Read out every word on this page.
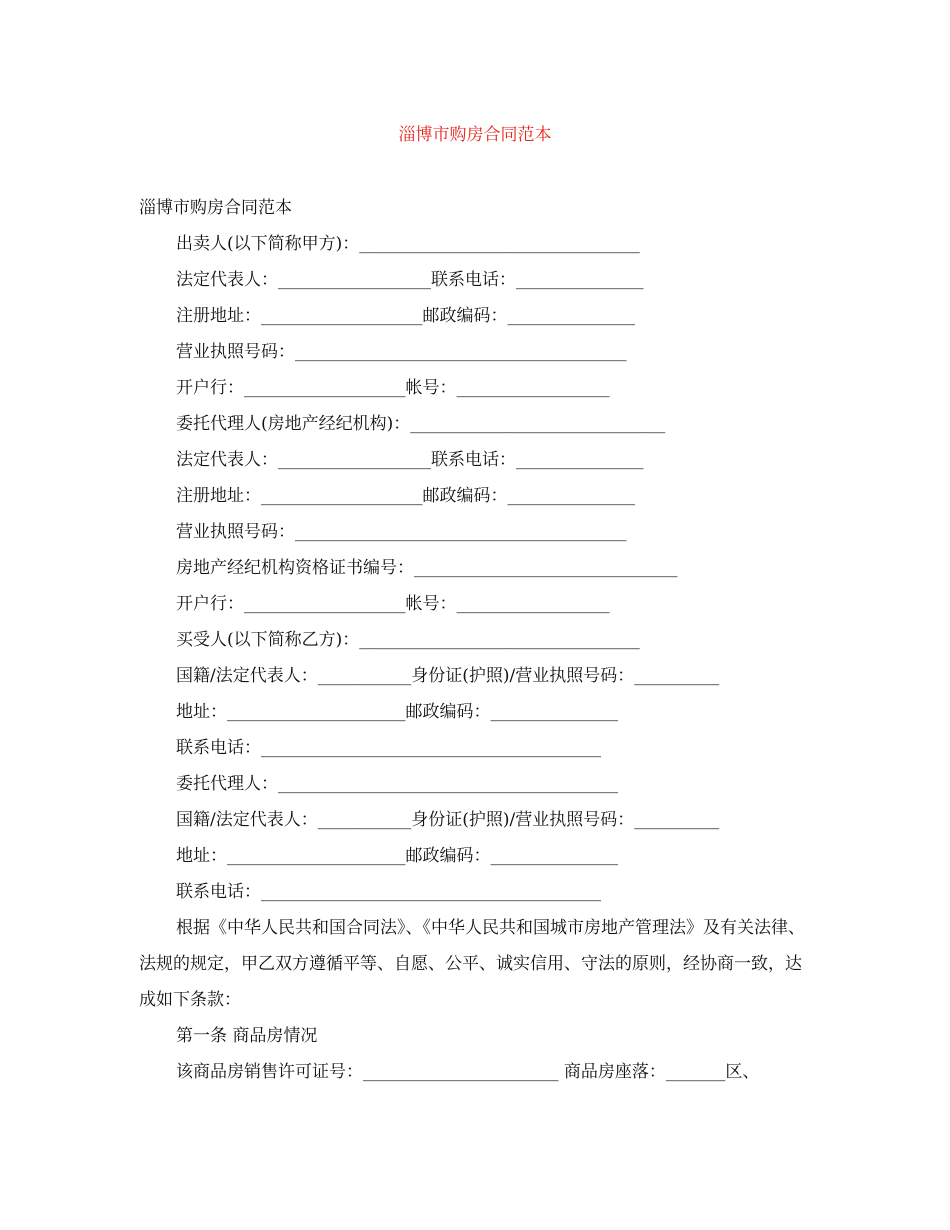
淄博市购房合同范本
淄博市购房合同范本
出卖人(以下简称甲方)：_________________________________
法定代表人：__________________联系电话：_______________
注册地址：___________________邮政编码：_______________
营业执照号码：_______________________________________
开户行：___________________帐号：__________________
委托代理人(房地产经纪机构)：______________________________
法定代表人：__________________联系电话：_______________
注册地址：___________________邮政编码：_______________
营业执照号码：_______________________________________
房地产经纪机构资格证书编号：_______________________________
开户行：___________________帐号：__________________
买受人(以下简称乙方)：_________________________________
国籍/法定代表人：___________身份证(护照)/营业执照号码：__________
地址：_____________________邮政编码：_______________
联系电话：________________________________________
委托代理人：________________________________________
国籍/法定代表人：___________身份证(护照)/营业执照号码：__________
地址：_____________________邮政编码：_______________
联系电话：________________________________________

根据《中华人民共和国合同法》、《中华人民共和国城市房地产管理法》及有关法律、法规的规定，甲乙双方遵循平等、自愿、公平、诚实信用、守法的原则，经协商一致，达成如下条款：

第一条 商品房情况
该商品房销售许可证号：_______________________ 商品房座落：_______区、
